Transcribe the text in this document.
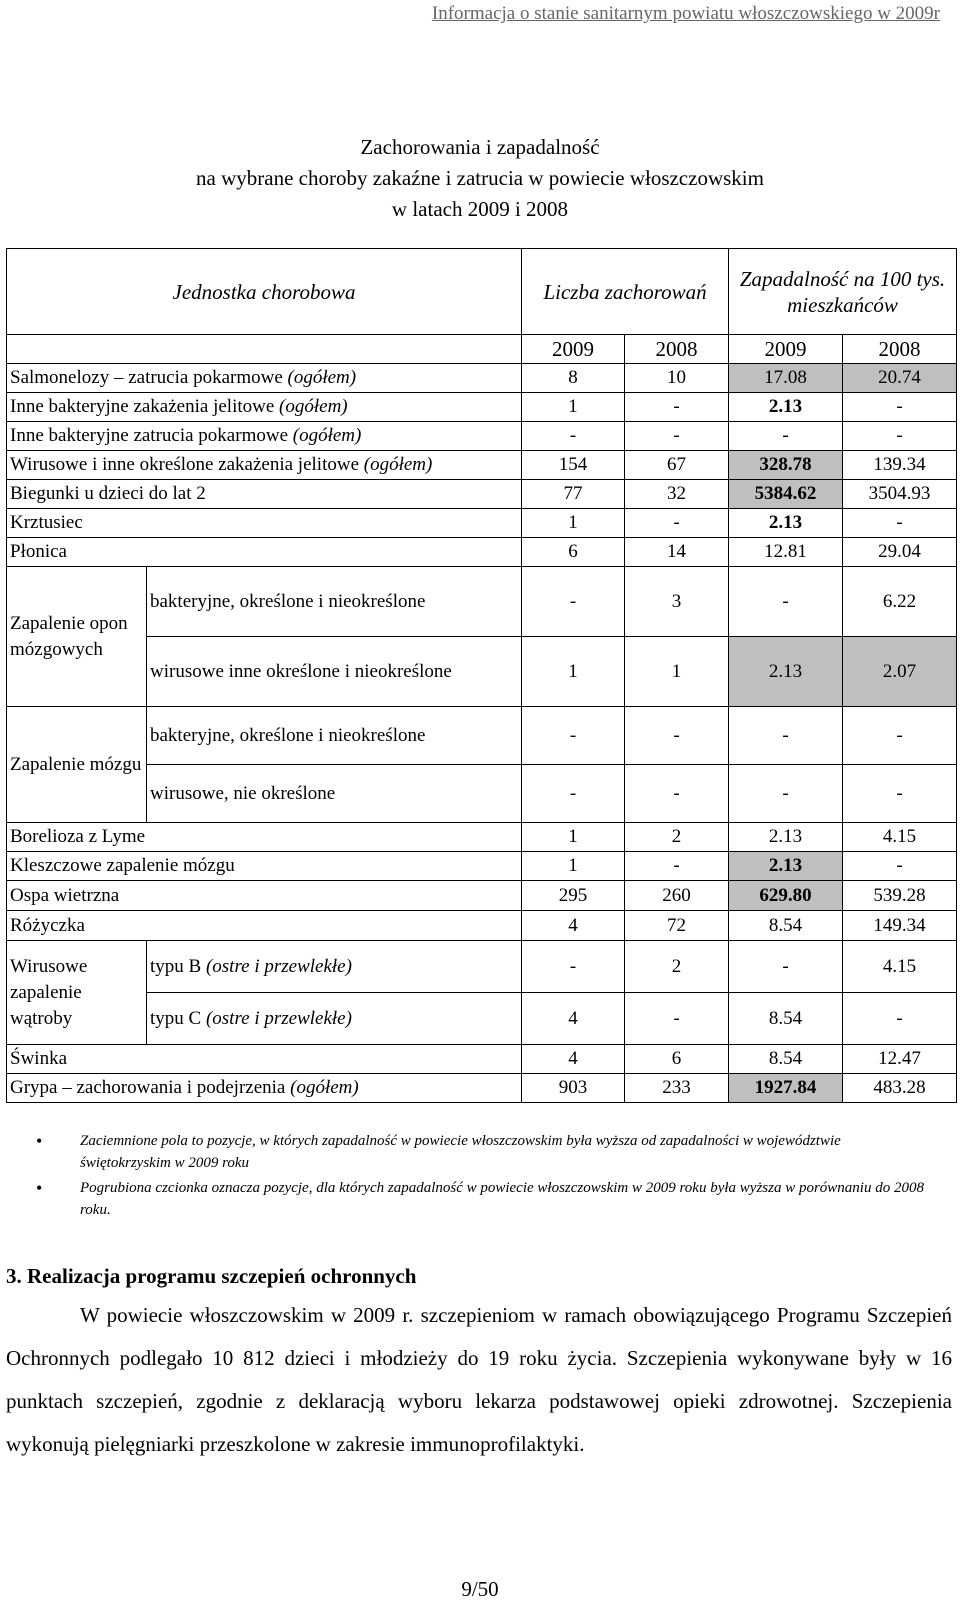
Informacja o stanie sanitarnym powiatu włoszczowskiego w 2009r
Zachorowania i zapadalność
na wybrane choroby zakaźne i zatrucia w powiecie włoszczowskim
w latach 2009 i 2008
Jednostka chorobowa		Liczba zachorowań		Zapadalność na 100 tys. mieszkańców	
		2009	2008	2009	2008
Salmonelozy – zatrucia pokarmowe (ogółem)		8	10	17.08	20.74
Inne bakteryjne zakażenia jelitowe (ogółem)		1	-	2.13	-
Inne bakteryjne zatrucia pokarmowe (ogółem)		-	-	-	-
Wirusowe i inne określone zakażenia jelitowe (ogółem)		154	67	328.78	139.34
Biegunki u dzieci do lat 2		77	32	5384.62	3504.93
Krztusiec		1	-	2.13	-
Płonica		6	14	12.81	29.04
Zapalenie opon mózgowych	bakteryjne, określone i nieokreślone	-	3	-	6.22
	wirusowe inne określone i nieokreślone	1	1	2.13	2.07
Zapalenie mózgu	bakteryjne, określone i nieokreślone	-	-	-	-
	wirusowe, nie określone	-	-	-	-
Borelioza z Lyme		1	2	2.13	4.15
Kleszczowe zapalenie mózgu		1	-	2.13	-
Ospa wietrzna		295	260	629.80	539.28
Różyczka		4	72	8.54	149.34
Wirusowe zapalenie wątroby	typu B (ostre i przewlekłe)	-	2	-	4.15
	typu C (ostre i przewlekłe)	4	-	8.54	-
Świnka		4	6	8.54	12.47
Grypa – zachorowania i podejrzenia (ogółem)		903	233	1927.84	483.28
•	Zaciemnione pola to pozycje, w których zapadalność w powiecie włoszczowskim była wyższa od zapadalności w województwie świętokrzyskim w 2009 roku
•	Pogrubiona czcionka oznacza pozycje, dla których zapadalność w powiecie włoszczowskim w 2009 roku była wyższa w porównaniu do 2008 roku.
3. Realizacja programu szczepień ochronnych
W powiecie włoszczowskim w 2009 r. szczepieniom w ramach obowiązującego Programu Szczepień Ochronnych podlegało 10 812 dzieci i młodzieży do 19 roku życia. Szczepienia wykonywane były w 16 punktach szczepień, zgodnie z deklaracją wyboru lekarza podstawowej opieki zdrowotnej. Szczepienia wykonują pielęgniarki przeszkolone w zakresie immunoprofilaktyki.
9/50
